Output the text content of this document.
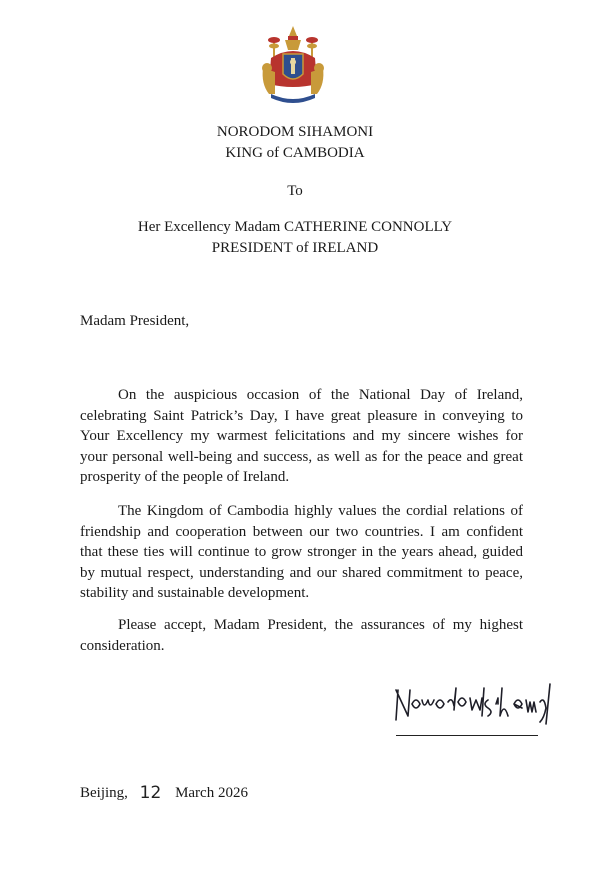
NORODOM SIHAMONI
KING of CAMBODIA
To
Her Excellency Madam CATHERINE CONNOLLY
PRESIDENT of IRELAND
Madam President,

On the auspicious occasion of the National Day of Ireland, celebrating Saint Patrick’s Day, I have great pleasure in conveying to Your Excellency my warmest felicitations and my sincere wishes for your personal well-being and success, as well as for the peace and great prosperity of the people of Ireland.

The Kingdom of Cambodia highly values the cordial relations of friendship and cooperation between our two countries. I am confident that these ties will continue to grow stronger in the years ahead, guided by mutual respect, understanding and our shared commitment to peace, stability and sustainable development.

Please accept, Madam President, the assurances of my highest consideration.

Beijing, 12 March 2026
